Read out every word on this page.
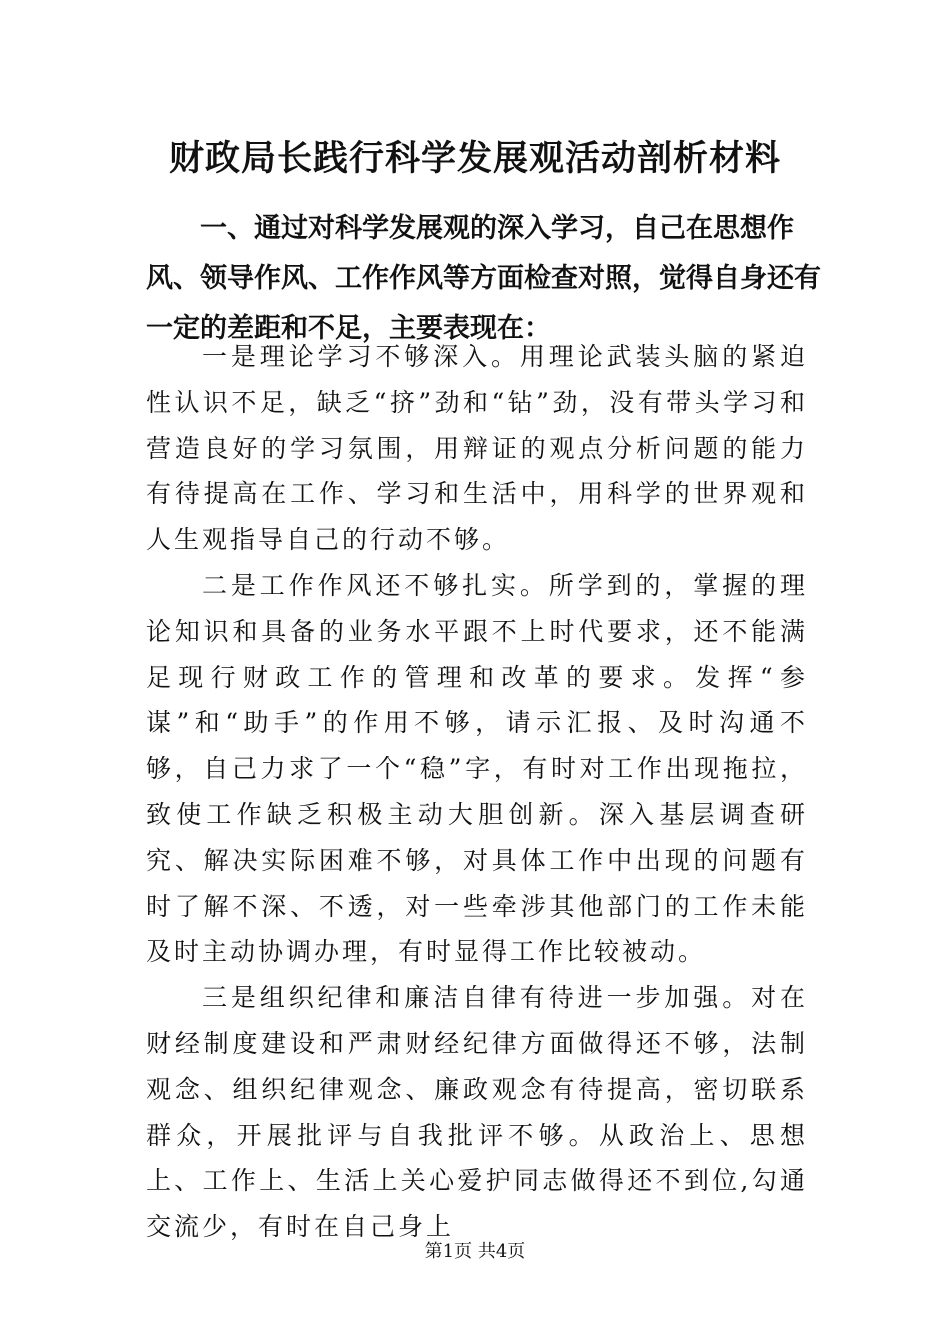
财政局长践行科学发展观活动剖析材料

一、通过对科学发展观的深入学习，自己在思想作风、领导作风、工作作风等方面检查对照，觉得自身还有一定的差距和不足，主要表现在：

一是理论学习不够深入。用理论武装头脑的紧迫性认识不足，缺乏“挤”劲和“钻”劲，没有带头学习和营造良好的学习氛围，用辩证的观点分析问题的能力有待提高在工作、学习和生活中，用科学的世界观和人生观指导自己的行动不够。

二是工作作风还不够扎实。所学到的，掌握的理论知识和具备的业务水平跟不上时代要求，还不能满足现行财政工作的管理和改革的要求。发挥“参谋”和“助手”的作用不够，请示汇报、及时沟通不够，自己力求了一个“稳”字，有时对工作出现拖拉，致使工作缺乏积极主动大胆创新。深入基层调查研究、解决实际困难不够，对具体工作中出现的问题有时了解不深、不透，对一些牵涉其他部门的工作未能及时主动协调办理，有时显得工作比较被动。

三是组织纪律和廉洁自律有待进一步加强。对在财经制度建设和严肃财经纪律方面做得还不够，法制观念、组织纪律观念、廉政观念有待提高，密切联系群众，开展批评与自我批评不够。从政治上、思想上、工作上、生活上关心爱护同志做得还不到位,勾通交流少，有时在自己身上

第1页 共4页
